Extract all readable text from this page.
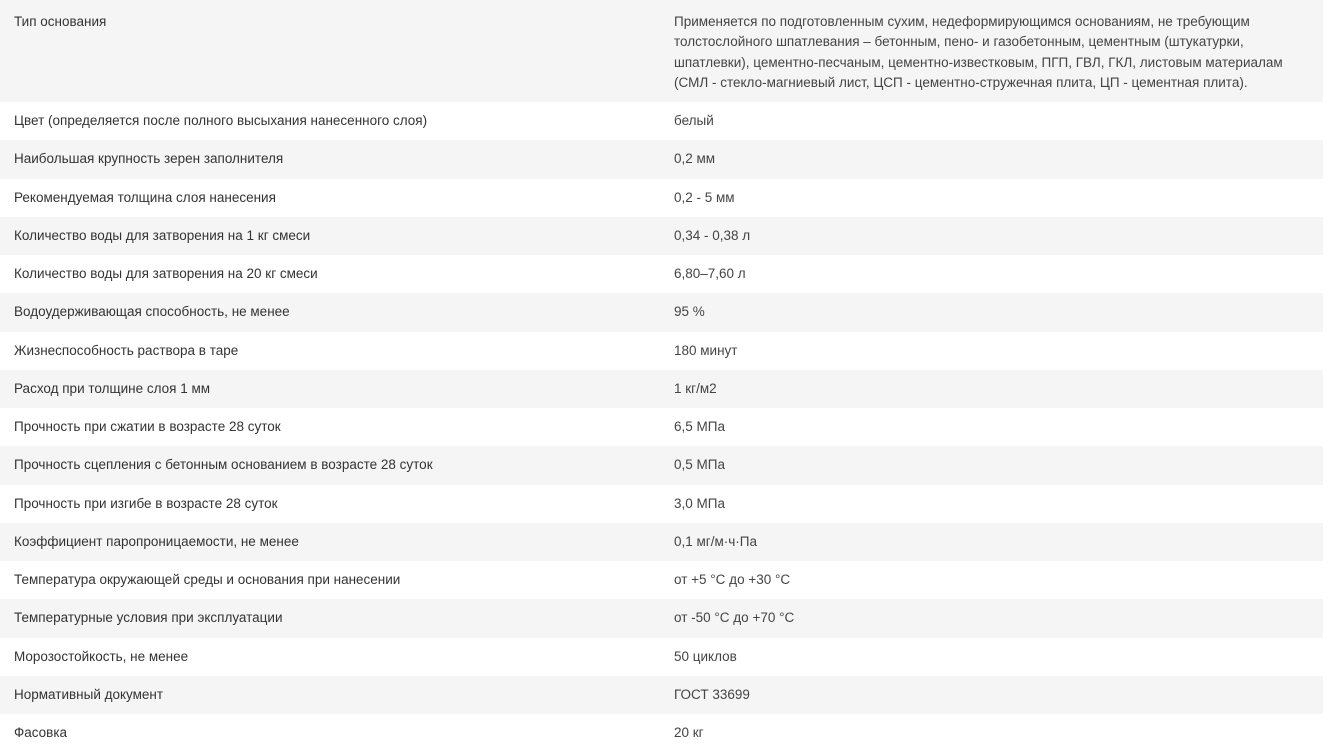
Тип основания	Применяется по подготовленным сухим, недеформирующимся основаниям, не требующим толстослойного шпатлевания – бетонным, пено- и газобетонным, цементным (штукатурки, шпатлевки), цементно-песчаным, цементно-известковым, ПГП, ГВЛ, ГКЛ, листовым материалам (СМЛ - стекло-магниевый лист, ЦСП - цементно-стружечная плита, ЦП - цементная плита).
Цвет (определяется после полного высыхания нанесенного слоя)	белый
Наибольшая крупность зерен заполнителя	0,2 мм
Рекомендуемая толщина слоя нанесения	0,2 - 5 мм
Количество воды для затворения на 1 кг смеси	0,34 - 0,38 л
Количество воды для затворения на 20 кг смеси	6,80–7,60 л
Водоудерживающая способность, не менее	95 %
Жизнеспособность раствора в таре	180 минут
Расход при толщине слоя 1 мм	1 кг/м2
Прочность при сжатии в возрасте 28 суток	6,5 МПа
Прочность сцепления с бетонным основанием в возрасте 28 суток	0,5 МПа
Прочность при изгибе в возрасте 28 суток	3,0 МПа
Коэффициент паропроницаемости, не менее	0,1 мг/м·ч·Па
Температура окружающей среды и основания при нанесении	от +5 °С до +30 °С
Температурные условия при эксплуатации	от -50 °С до +70 °С
Морозостойкость, не менее	50 циклов
Нормативный документ	ГОСТ 33699
Фасовка	20 кг
